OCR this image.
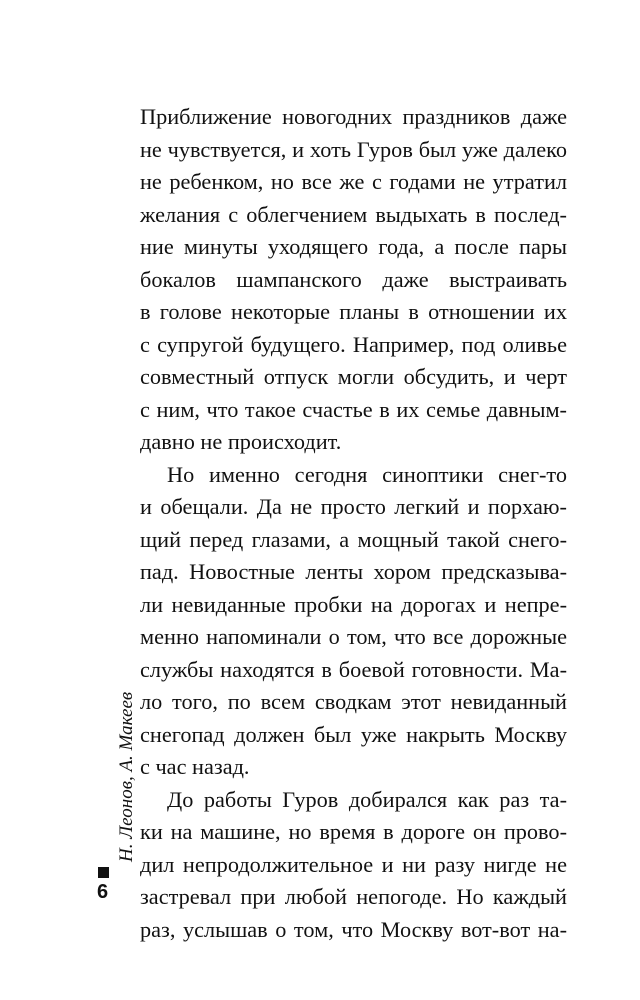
Приближение новогодних праздников даже
не чувствуется, и хоть Гуров был уже далеко
не ребенком, но все же с годами не утратил
желания с облегчением выдыхать в послед-
ние минуты уходящего года, а после пары
бокалов шампанского даже выстраивать
в голове некоторые планы в отношении их
с супругой будущего. Например, под оливье
совместный отпуск могли обсудить, и черт
с ним, что такое счастье в их семье давным-
давно не происходит.
Но именно сегодня синоптики снег-то
и обещали. Да не просто легкий и порхаю-
щий перед глазами, а мощный такой снего-
пад. Новостные ленты хором предсказыва-
ли невиданные пробки на дорогах и непре-
менно напоминали о том, что все дорожные
службы находятся в боевой готовности. Ма-
ло того, по всем сводкам этот невиданный
снегопад должен был уже накрыть Москву
с час назад.
До работы Гуров добирался как раз та-
ки на машине, но время в дороге он прово-
дил непродолжительное и ни разу нигде не
застревал при любой непогоде. Но каждый
раз, услышав о том, что Москву вот-вот на-
Н. Леонов, А. Макеев
6
